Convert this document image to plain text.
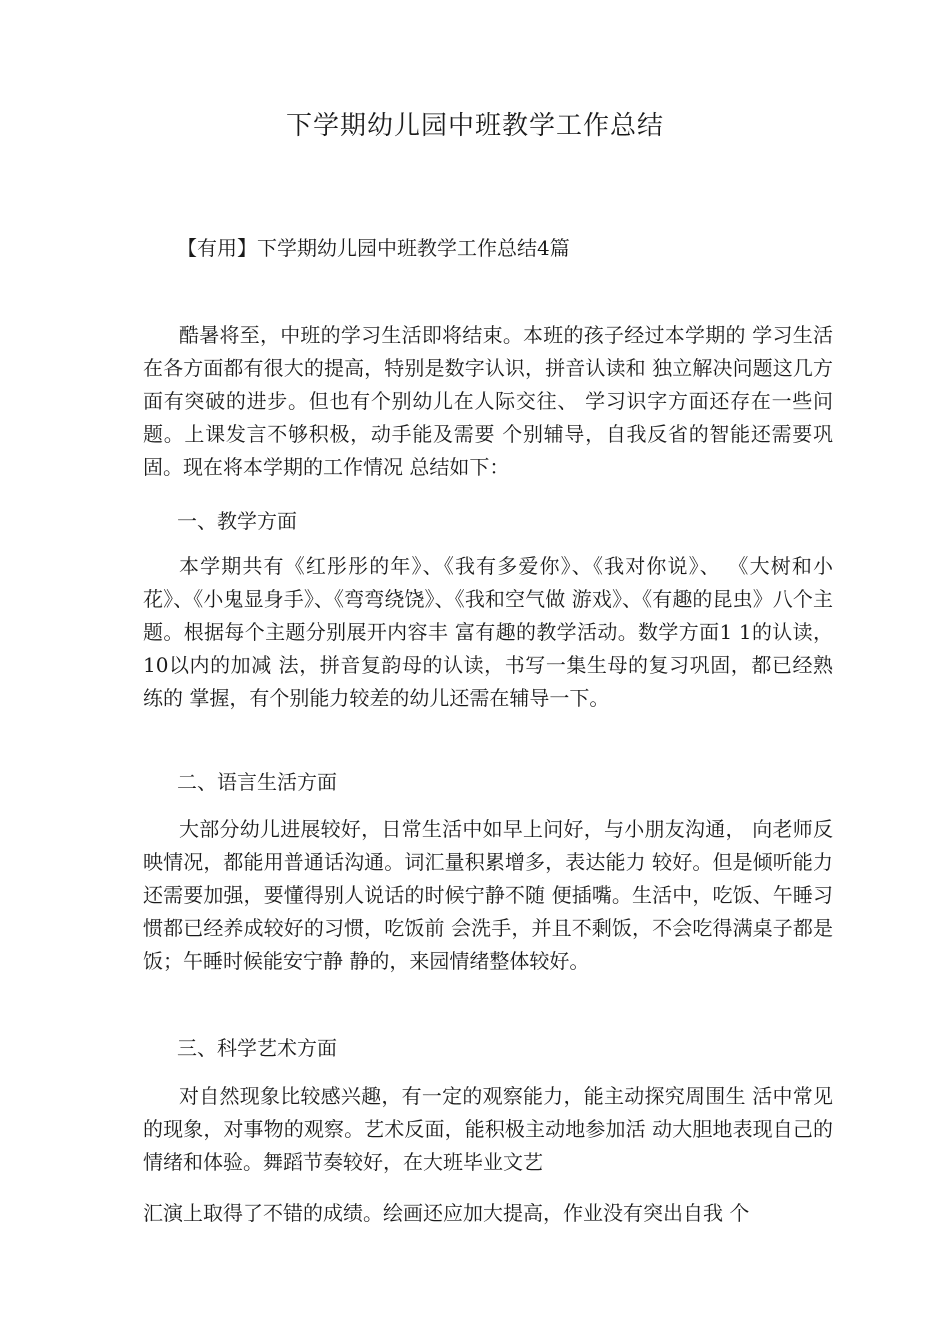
下学期幼儿园中班教学工作总结
【有用】下学期幼儿园中班教学工作总结4篇
酷暑将至，中班的学习生活即将结束。本班的孩子经过本学期的 学习生活在各方面都有很大的提高，特别是数字认识，拼音认读和 独立解决问题这几方面有突破的进步。但也有个别幼儿在人际交往、 学习识字方面还存在一些问题。上课发言不够积极，动手能及需要 个别辅导，自我反省的智能还需要巩固。现在将本学期的工作情况 总结如下：
一、教学方面
本学期共有《红彤彤的年》、《我有多爱你》、《我对你说》、 《大树和小花》、《小鬼显身手》、《弯弯绕饶》、《我和空气做 游戏》、《有趣的昆虫》八个主题。根据每个主题分别展开内容丰 富有趣的教学活动。数学方面1 1的认读，10以内的加减 法，拼音复韵母的认读，书写一集生母的复习巩固，都已经熟练的 掌握，有个别能力较差的幼儿还需在辅导一下。
二、语言生活方面
大部分幼儿进展较好，日常生活中如早上问好，与小朋友沟通， 向老师反映情况，都能用普通话沟通。词汇量积累增多，表达能力 较好。但是倾听能力还需要加强，要懂得别人说话的时候宁静不随 便插嘴。生活中，吃饭、午睡习惯都已经养成较好的习惯，吃饭前 会洗手，并且不剩饭，不会吃得满桌子都是饭；午睡时候能安宁静 静的，来园情绪整体较好。
三、科学艺术方面
对自然现象比较感兴趣，有一定的观察能力，能主动探究周围生 活中常见的现象，对事物的观察。艺术反面，能积极主动地参加活 动大胆地表现自己的情绪和体验。舞蹈节奏较好，在大班毕业文艺
汇演上取得了不错的成绩。绘画还应加大提高，作业没有突出自我 个
